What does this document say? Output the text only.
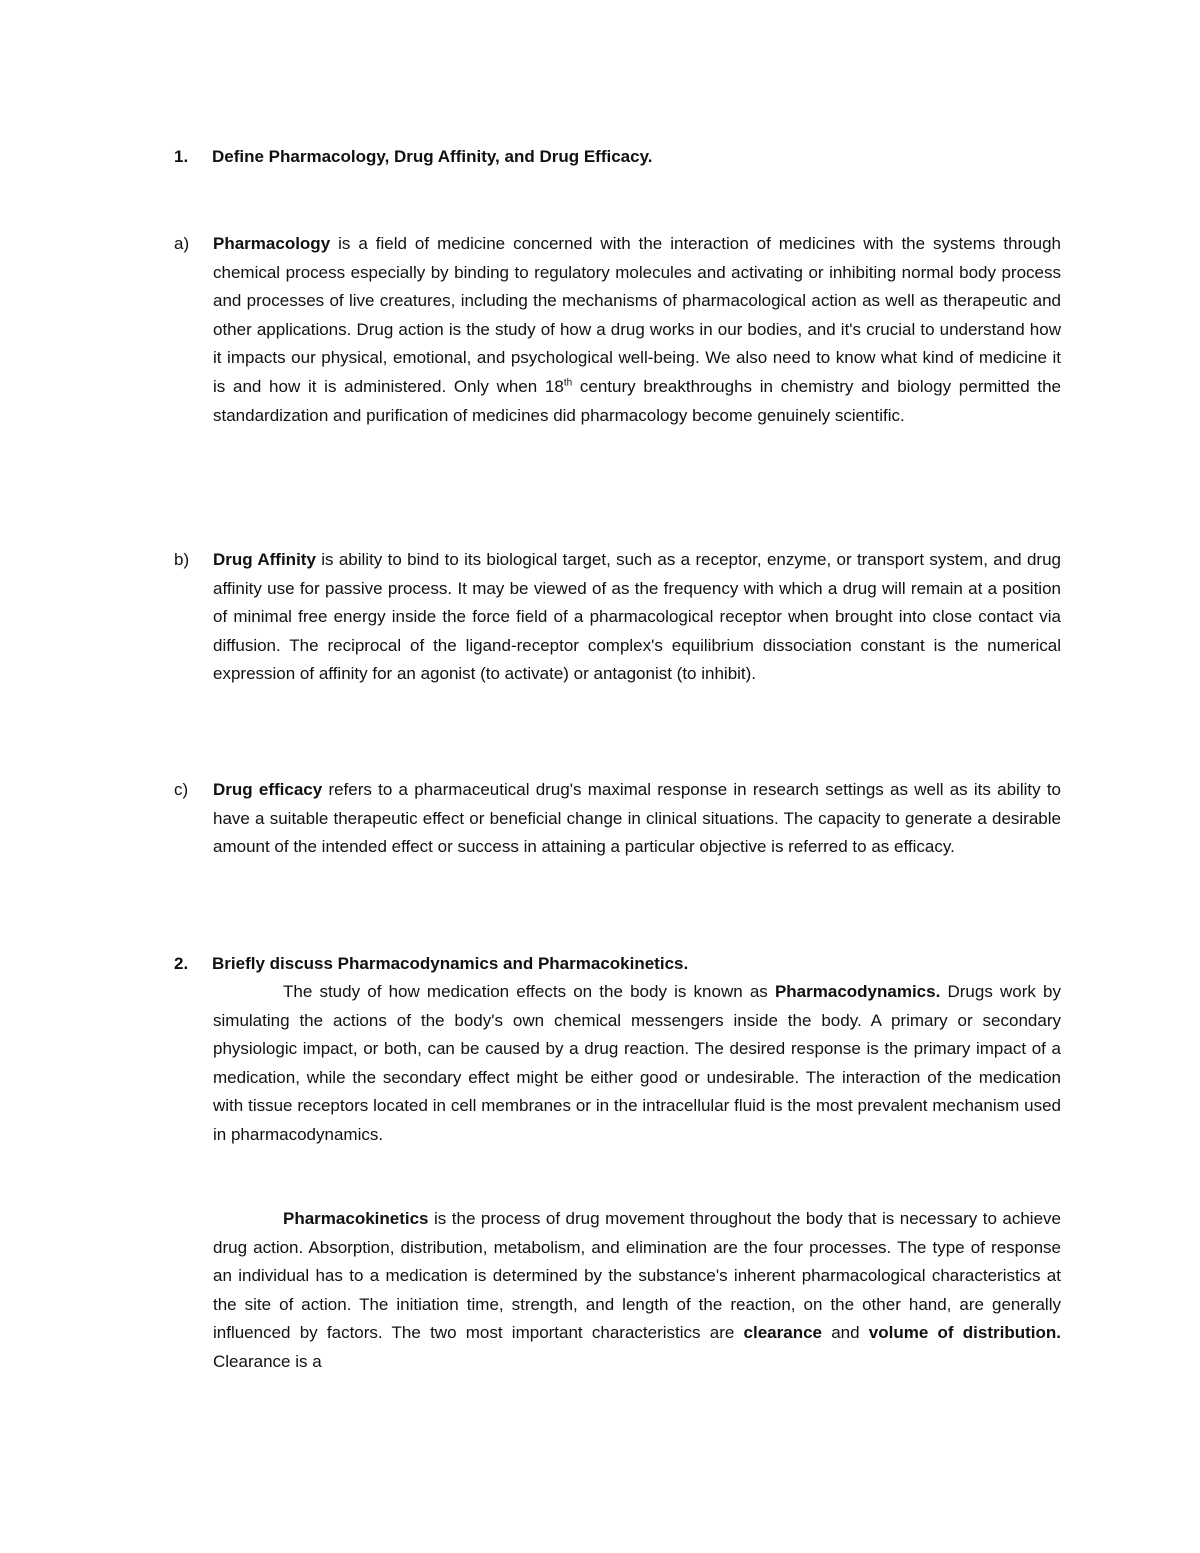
1. Define Pharmacology, Drug Affinity, and Drug Efficacy.
a) Pharmacology is a field of medicine concerned with the interaction of medicines with the systems through chemical process especially by binding to regulatory molecules and activating or inhibiting normal body process and processes of live creatures, including the mechanisms of pharmacological action as well as therapeutic and other applications. Drug action is the study of how a drug works in our bodies, and it's crucial to understand how it impacts our physical, emotional, and psychological well-being. We also need to know what kind of medicine it is and how it is administered. Only when 18th century breakthroughs in chemistry and biology permitted the standardization and purification of medicines did pharmacology become genuinely scientific.
b) Drug Affinity is ability to bind to its biological target, such as a receptor, enzyme, or transport system, and drug affinity use for passive process. It may be viewed of as the frequency with which a drug will remain at a position of minimal free energy inside the force field of a pharmacological receptor when brought into close contact via diffusion. The reciprocal of the ligand-receptor complex's equilibrium dissociation constant is the numerical expression of affinity for an agonist (to activate) or antagonist (to inhibit).
c) Drug efficacy refers to a pharmaceutical drug's maximal response in research settings as well as its ability to have a suitable therapeutic effect or beneficial change in clinical situations. The capacity to generate a desirable amount of the intended effect or success in attaining a particular objective is referred to as efficacy.
2. Briefly discuss Pharmacodynamics and Pharmacokinetics.
The study of how medication effects on the body is known as Pharmacodynamics. Drugs work by simulating the actions of the body's own chemical messengers inside the body. A primary or secondary physiologic impact, or both, can be caused by a drug reaction. The desired response is the primary impact of a medication, while the secondary effect might be either good or undesirable. The interaction of the medication with tissue receptors located in cell membranes or in the intracellular fluid is the most prevalent mechanism used in pharmacodynamics.
Pharmacokinetics is the process of drug movement throughout the body that is necessary to achieve drug action. Absorption, distribution, metabolism, and elimination are the four processes. The type of response an individual has to a medication is determined by the substance's inherent pharmacological characteristics at the site of action. The initiation time, strength, and length of the reaction, on the other hand, are generally influenced by factors. The two most important characteristics are clearance and volume of distribution. Clearance is a
